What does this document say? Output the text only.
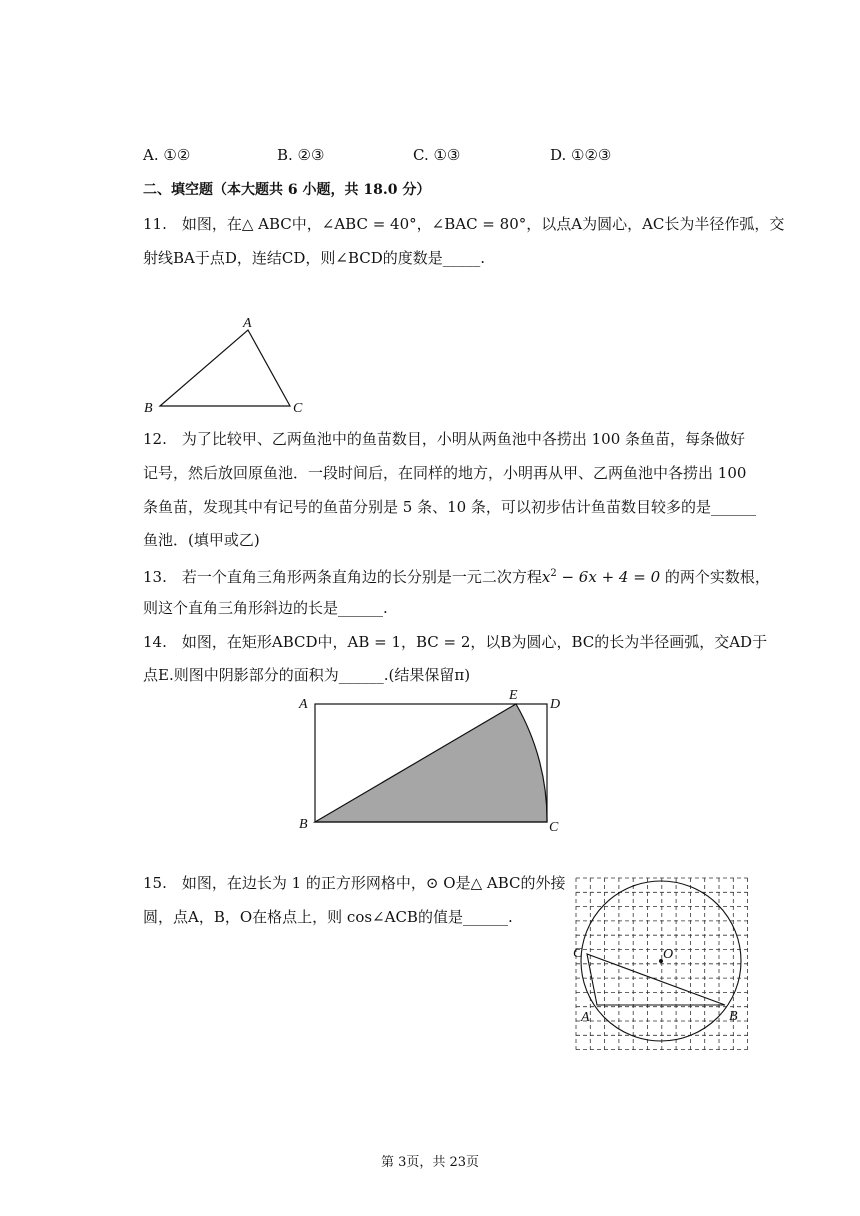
A. ①②	B. ②③	C. ①③	D. ①②③
二、填空题（本大题共 6 小题，共 18.0 分）
11.　如图，在△ ABC中，∠ABC = 40°，∠BAC = 80°，以点A为圆心，AC长为半径作弧，交
射线BA于点D，连结CD，则∠BCD的度数是_____.
A
B	C
12.　为了比较甲、乙两鱼池中的鱼苗数目，小明从两鱼池中各捞出 100 条鱼苗，每条做好
记号，然后放回原鱼池．一段时间后，在同样的地方，小明再从甲、乙两鱼池中各捞出 100
条鱼苗，发现其中有记号的鱼苗分别是 5 条、10 条，可以初步估计鱼苗数目较多的是______
鱼池．(填甲或乙)
13.　若一个直角三角形两条直角边的长分别是一元二次方程$x^2 - 6x + 4 = 0$ 的两个实数根，
则这个直角三角形斜边的长是______.
14.　如图，在矩形ABCD中，AB = 1，BC = 2，以B为圆心，BC的长为半径画弧，交AD于
点E.则图中阴影部分的面积为______.(结果保留π)
A
E
D
B	C
15.　如图，在边长为 1 的正方形网格中，⊙ O是△ ABC的外接
圆，点A，B，O在格点上，则 cos∠ACB的值是______.
O
C
A	B
第 3页，共 23页
